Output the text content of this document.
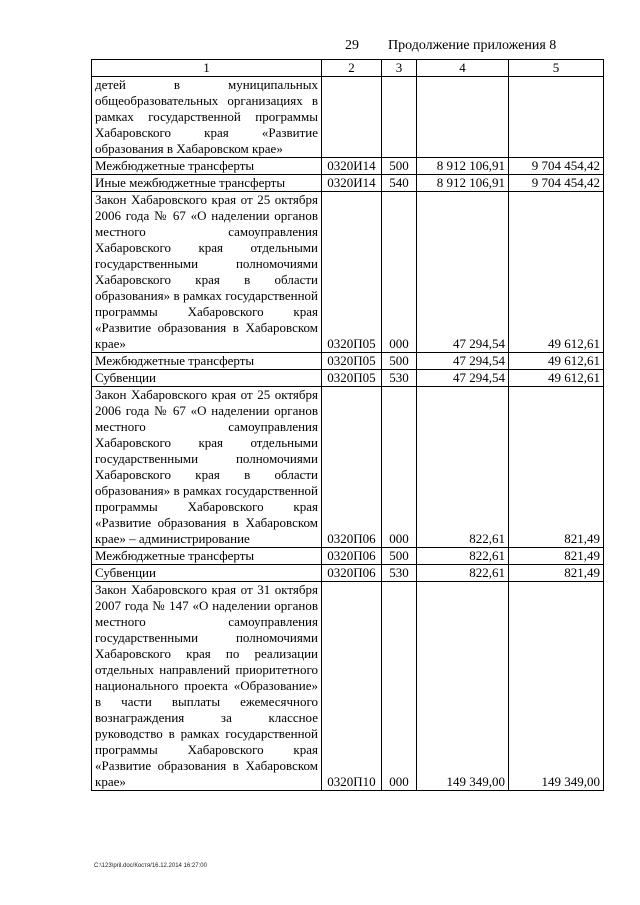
29 Продолжение приложения 8
1	2	3	4	5
детей в муниципальных общеобразовательных организациях в рамках государственной программы Хабаровского края «Развитие образования в Хабаровском крае»				
Межбюджетные трансферты	0320И14	500	8 912 106,91	9 704 454,42
Иные межбюджетные трансферты	0320И14	540	8 912 106,91	9 704 454,42
Закон Хабаровского края от 25 октября 2006 года № 67 «О наделении органов местного самоуправления Хабаровского края отдельными государственными полномочиями Хабаровского края в области образования» в рамках государственной программы Хабаровского края «Развитие образования в Хабаровском крае»	0320П05	000	47 294,54	49 612,61
Межбюджетные трансферты	0320П05	500	47 294,54	49 612,61
Субвенции	0320П05	530	47 294,54	49 612,61
Закон Хабаровского края от 25 октября 2006 года № 67 «О наделении органов местного самоуправления Хабаровского края отдельными государственными полномочиями Хабаровского края в области образования» в рамках государственной программы Хабаровского края «Развитие образования в Хабаровском крае» – администрирование	0320П06	000	822,61	821,49
Межбюджетные трансферты	0320П06	500	822,61	821,49
Субвенции	0320П06	530	822,61	821,49
Закон Хабаровского края от 31 октября 2007 года № 147 «О наделении органов местного самоуправления государственными полномочиями Хабаровского края по реализации отдельных направлений приоритетного национального проекта «Образование» в части выплаты ежемесячного вознаграждения за классное руководство в рамках государственной программы Хабаровского края «Развитие образования в Хабаровском крае»	0320П10	000	149 349,00	149 349,00
C:\123\pril.doc/Костя/16.12.2014 16:27:00
